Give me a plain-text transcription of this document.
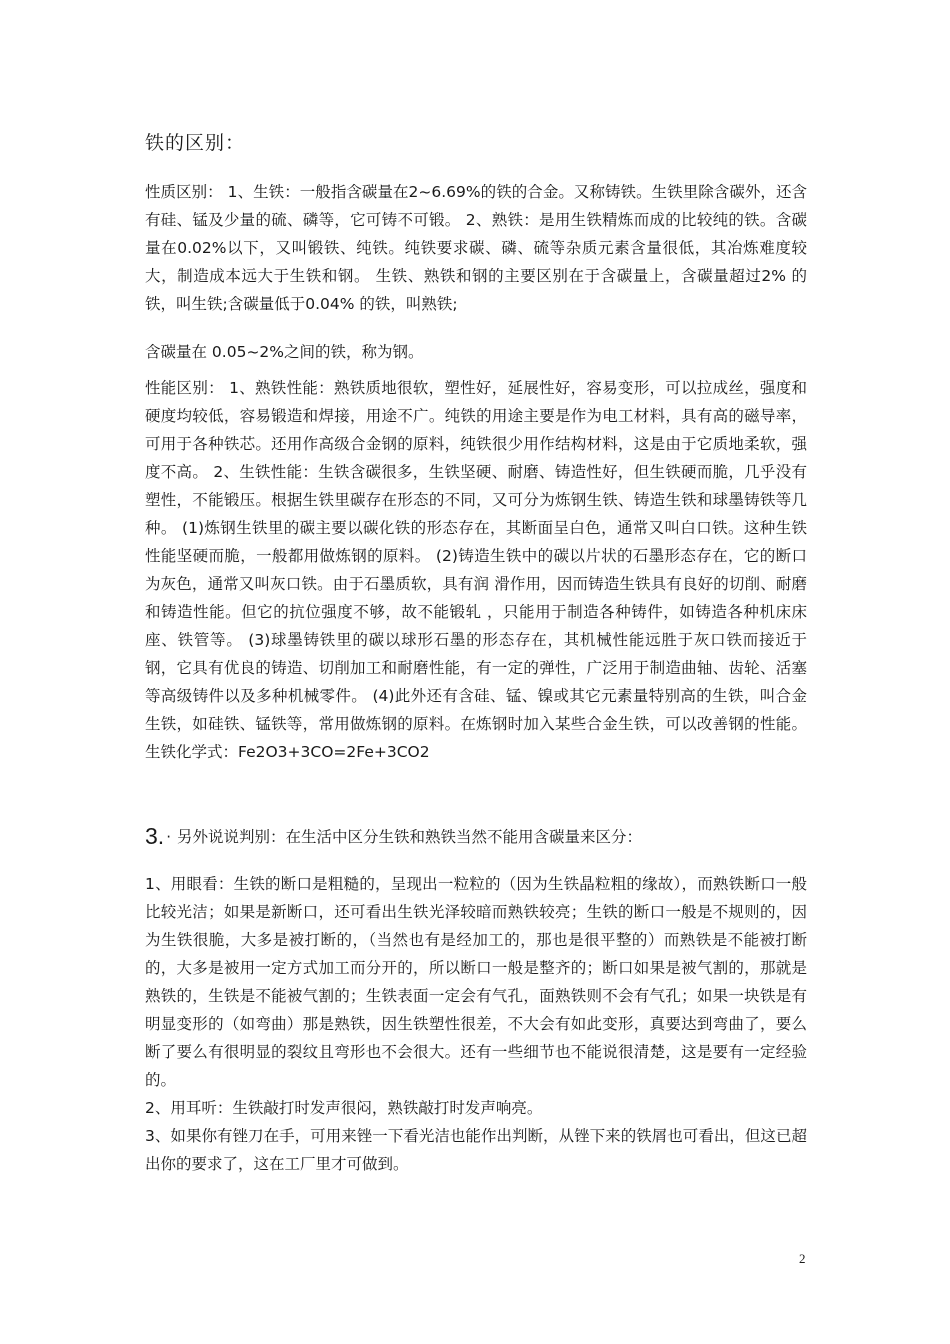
铁的区别：

性质区别： 1、生铁：一般指含碳量在2~6.69%的铁的合金。又称铸铁。生铁里除含碳外，还含有硅、锰及少量的硫、磷等，它可铸不可锻。 2、熟铁：是用生铁精炼而成的比较纯的铁。含碳量在0.02%以下，又叫锻铁、纯铁。纯铁要求碳、磷、硫等杂质元素含量很低，其冶炼难度较大，制造成本远大于生铁和钢。 生铁、熟铁和钢的主要区别在于含碳量上，含碳量超过2% 的铁，叫生铁;含碳量低于0.04% 的铁，叫熟铁;

含碳量在 0.05~2%之间的铁，称为钢。

性能区别： 1、熟铁性能：熟铁质地很软，塑性好，延展性好，容易变形，可以拉成丝，强度和硬度均较低，容易锻造和焊接，用途不广。纯铁的用途主要是作为电工材料，具有高的磁导率，可用于各种铁芯。还用作高级合金钢的原料，纯铁很少用作结构材料，这是由于它质地柔软，强度不高。 2、生铁性能：生铁含碳很多，生铁坚硬、耐磨、铸造性好，但生铁硬而脆，几乎没有塑性，不能锻压。根据生铁里碳存在形态的不同，又可分为炼钢生铁、铸造生铁和球墨铸铁等几种。 (1)炼钢生铁里的碳主要以碳化铁的形态存在，其断面呈白色，通常又叫白口铁。这种生铁性能坚硬而脆，一般都用做炼钢的原料。 (2)铸造生铁中的碳以片状的石墨形态存在，它的断口为灰色，通常又叫灰口铁。由于石墨质软，具有润 滑作用，因而铸造生铁具有良好的切削、耐磨和铸造性能。但它的抗位强度不够，故不能锻轧 ，只能用于制造各种铸件，如铸造各种机床床座、铁管等。 (3)球墨铸铁里的碳以球形石墨的形态存在，其机械性能远胜于灰口铁而接近于钢，它具有优良的铸造、切削加工和耐磨性能，有一定的弹性，广泛用于制造曲轴、齿轮、活塞等高级铸件以及多种机械零件。 (4)此外还有含硅、锰、镍或其它元素量特别高的生铁，叫合金生铁，如硅铁、锰铁等，常用做炼钢的原料。在炼钢时加入某些合金生铁，可以改善钢的性能。 生铁化学式：Fe2O3+3CO=2Fe+3CO2

3. · 另外说说判别：在生活中区分生铁和熟铁当然不能用含碳量来区分：

1、用眼看：生铁的断口是粗糙的，呈现出一粒粒的（因为生铁晶粒粗的缘故），而熟铁断口一般比较光洁；如果是新断口，还可看出生铁光泽较暗而熟铁较亮；生铁的断口一般是不规则的，因为生铁很脆，大多是被打断的，（当然也有是经加工的，那也是很平整的）而熟铁是不能被打断的，大多是被用一定方式加工而分开的，所以断口一般是整齐的；断口如果是被气割的，那就是熟铁的，生铁是不能被气割的；生铁表面一定会有气孔，面熟铁则不会有气孔；如果一块铁是有明显变形的（如弯曲）那是熟铁，因生铁塑性很差，不大会有如此变形，真要达到弯曲了，要么断了要么有很明显的裂纹且弯形也不会很大。还有一些细节也不能说很清楚，这是要有一定经验的。

2、用耳听：生铁敲打时发声很闷，熟铁敲打时发声响亮。

3、如果你有锉刀在手，可用来锉一下看光洁也能作出判断，从锉下来的铁屑也可看出，但这已超出你的要求了，这在工厂里才可做到。

2
